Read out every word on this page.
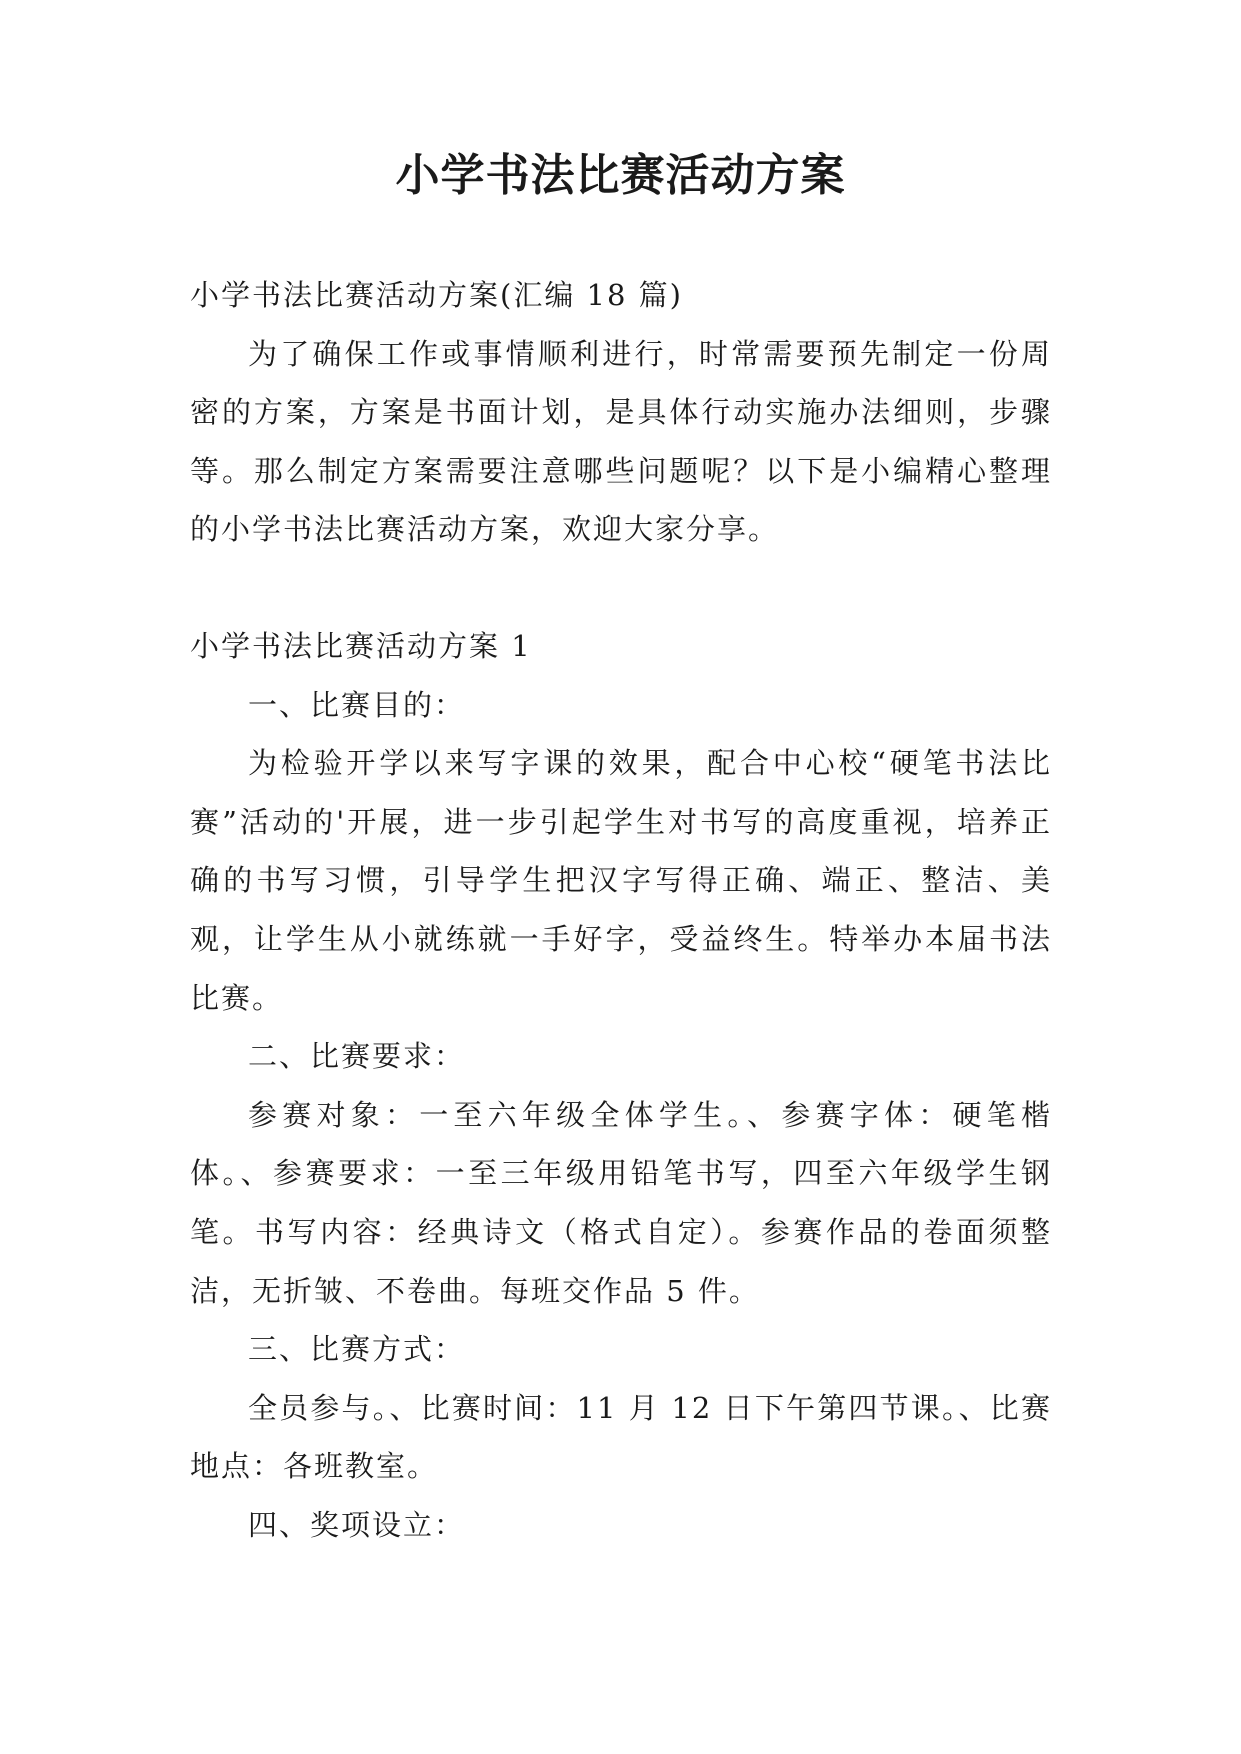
小学书法比赛活动方案

小学书法比赛活动方案(汇编 18 篇)

为了确保工作或事情顺利进行，时常需要预先制定一份周密的方案，方案是书面计划，是具体行动实施办法细则，步骤等。那么制定方案需要注意哪些问题呢？以下是小编精心整理的小学书法比赛活动方案，欢迎大家分享。

小学书法比赛活动方案 1

一、比赛目的：

为检验开学以来写字课的效果，配合中心校“硬笔书法比赛”活动的'开展，进一步引起学生对书写的高度重视，培养正确的书写习惯，引导学生把汉字写得正确、端正、整洁、美观，让学生从小就练就一手好字，受益终生。特举办本届书法比赛。

二、比赛要求：

参赛对象：一至六年级全体学生。、参赛字体：硬笔楷体。、参赛要求：一至三年级用铅笔书写，四至六年级学生钢笔。书写内容：经典诗文（格式自定）。参赛作品的卷面须整洁，无折皱、不卷曲。每班交作品 5 件。

三、比赛方式：

全员参与。、比赛时间：11 月 12 日下午第四节课。、比赛地点：各班教室。

四、奖项设立：
